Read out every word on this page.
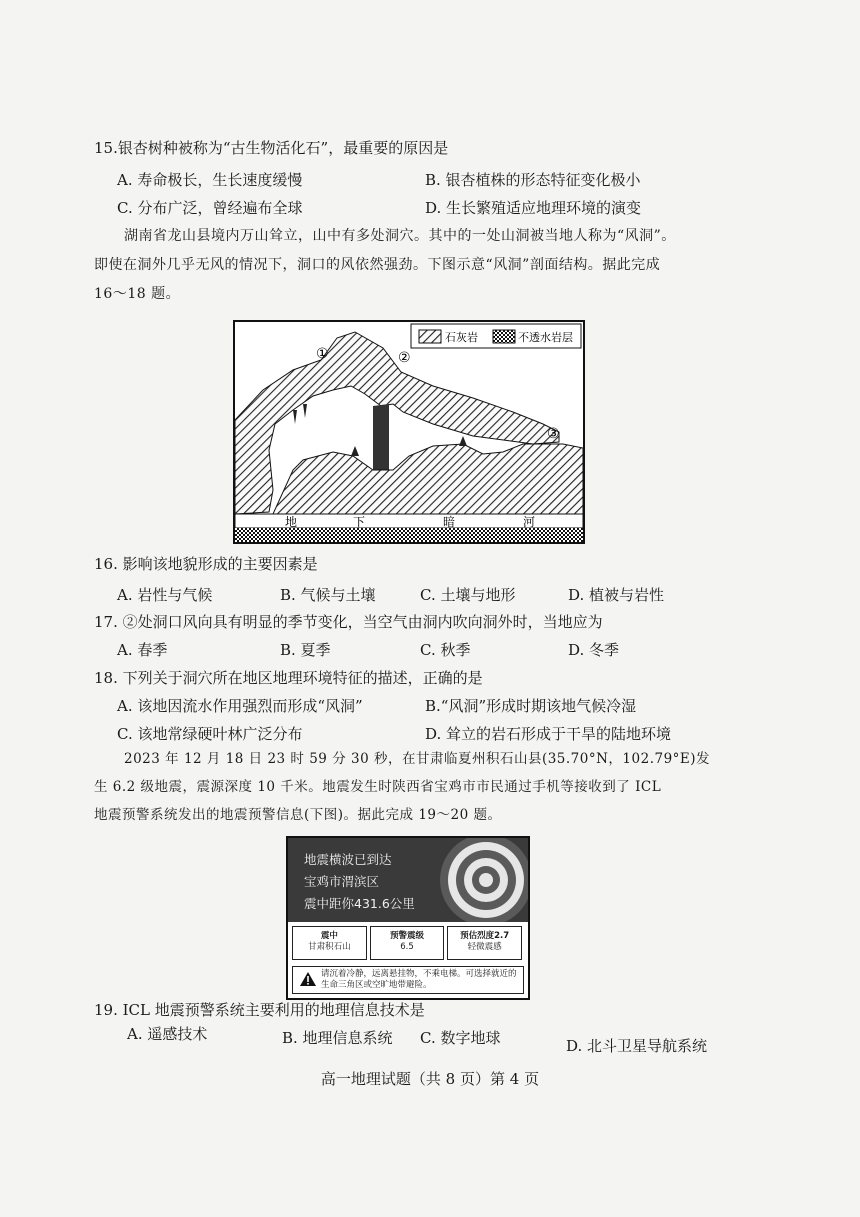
15.银杏树种被称为“古生物活化石”，最重要的原因是
A. 寿命极长，生长速度缓慢	B. 银杏植株的形态特征变化极小
C. 分布广泛，曾经遍布全球	D. 生长繁殖适应地理环境的演变
湖南省龙山县境内万山耸立，山中有多处洞穴。其中的一处山洞被当地人称为“风洞”。
即使在洞外几乎无风的情况下，洞口的风依然强劲。下图示意“风洞”剖面结构。据此完成
16～18 题。
石灰岩	不透水岩层
①	②
③
地	下	暗	河
16. 影响该地貌形成的主要因素是
A. 岩性与气候	B. 气候与土壤	C. 土壤与地形	D. 植被与岩性
17. ②处洞口风向具有明显的季节变化，当空气由洞内吹向洞外时，当地应为
A. 春季	B. 夏季	C. 秋季	D. 冬季
18. 下列关于洞穴所在地区地理环境特征的描述，正确的是
A. 该地因流水作用强烈而形成“风洞”	B.“风洞”形成时期该地气候冷湿
C. 该地常绿硬叶林广泛分布	D. 耸立的岩石形成于干旱的陆地环境
2023 年 12 月 18 日 23 时 59 分 30 秒，在甘肃临夏州积石山县(35.70°N，102.79°E)发
生 6.2 级地震，震源深度 10 千米。地震发生时陕西省宝鸡市市民通过手机等接收到了 ICL
地震预警系统发出的地震预警信息(下图)。据此完成 19～20 题。
地震横波已到达
宝鸡市渭滨区
震中距你431.6公里
震中
甘肃积石山
预警震级
6.5
预估烈度2.7
轻微震感
请沉着冷静，远离悬挂物，不乘电梯。可选择就近的生命三角区或空旷地带避险。
19. ICL 地震预警系统主要利用的地理信息技术是
A. 遥感技术	B. 地理信息系统 C. 数字地球	D. 北斗卫星导航系统
高一地理试题（共 8 页）第 4 页
